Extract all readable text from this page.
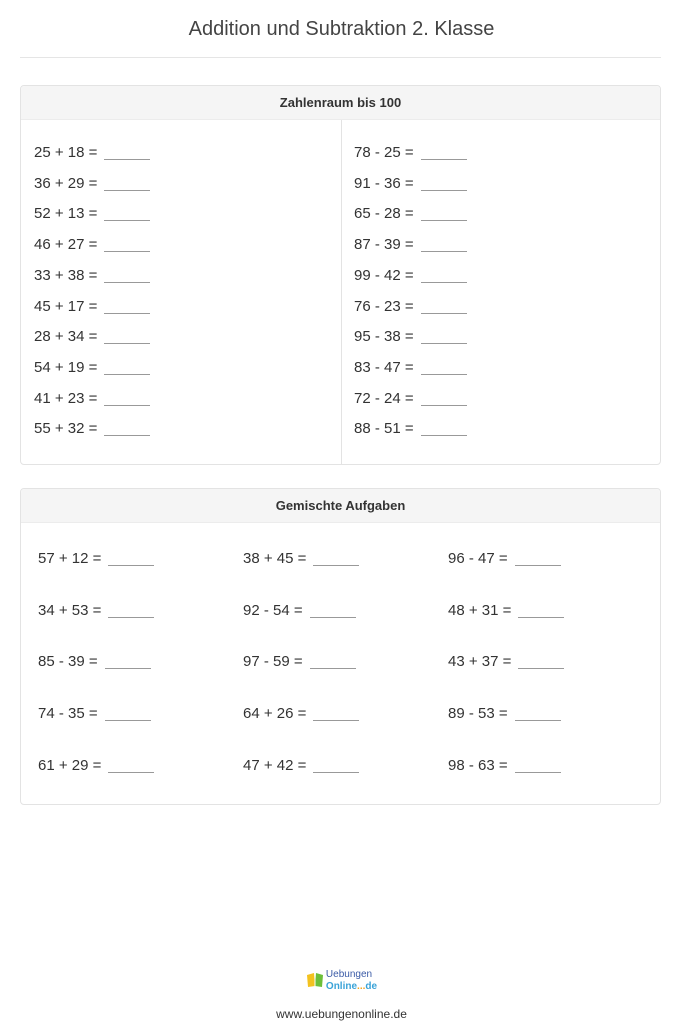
Addition und Subtraktion 2. Klasse
Zahlenraum bis 100
25 + 18 =
36 + 29 =
52 + 13 =
46 + 27 =
33 + 38 =
45 + 17 =
28 + 34 =
54 + 19 =
41 + 23 =
55 + 32 =
78 - 25 =
91 - 36 =
65 - 28 =
87 - 39 =
99 - 42 =
76 - 23 =
95 - 38 =
83 - 47 =
72 - 24 =
88 - 51 =
Gemischte Aufgaben
57 + 12 =	38 + 45 =	96 - 47 =
34 + 53 =	92 - 54 =	48 + 31 =
85 - 39 =	97 - 59 =	43 + 37 =
74 - 35 =	64 + 26 =	89 - 53 =
61 + 29 =	47 + 42 =	98 - 63 =
Uebungen
Online...de
www.uebungenonline.de
